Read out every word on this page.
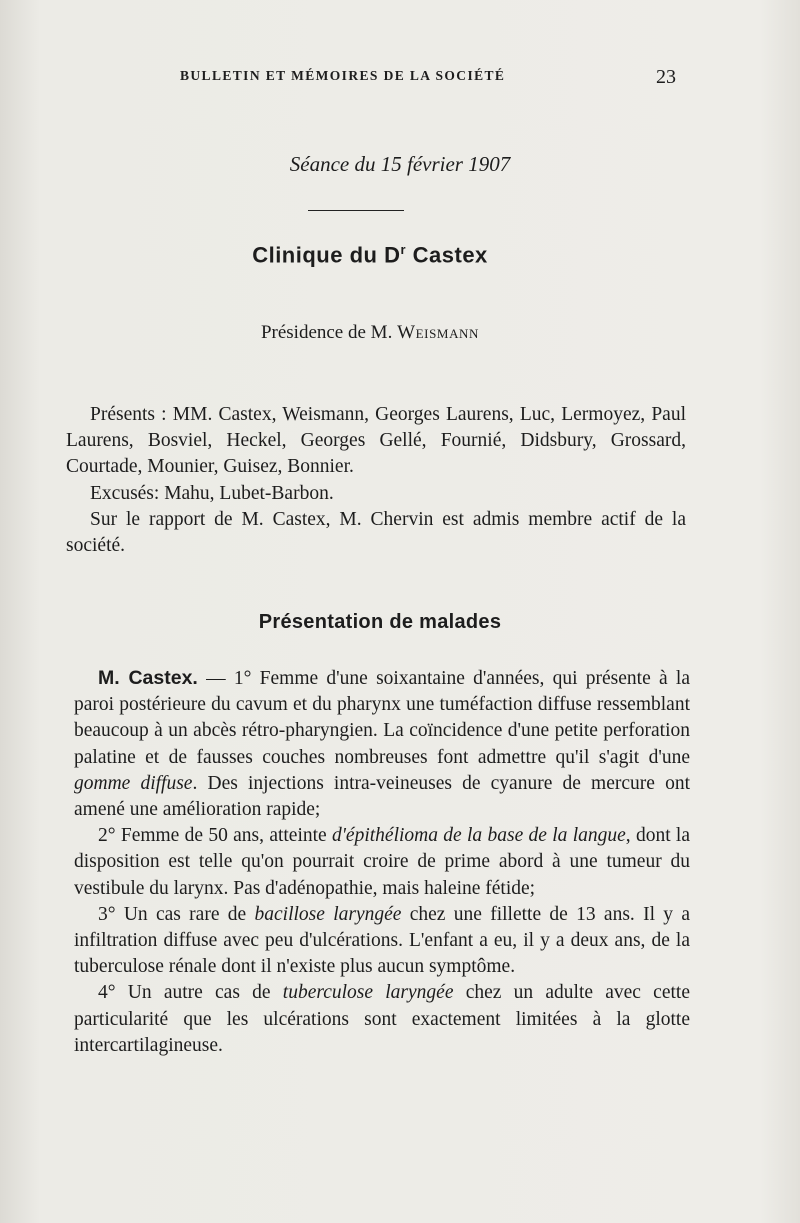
BULLETIN ET MÉMOIRES DE LA SOCIÉTÉ	23
Séance du 15 février 1907
Clinique du $D^r$ Castex
Présidence de M. Weismann

Présents : MM. Castex, Weismann, Georges Laurens, Luc, Lermoyez, Paul Laurens, Bosviel, Heckel, Georges Gellé, Fournié, Didsbury, Grossard, Courtade, Mounier, Guisez, Bonnier.

Excusés: Mahu, Lubet-Barbon.

Sur le rapport de M. Castex, M. Chervin est admis membre actif de la société.

Présentation de malades

M. Castex. — 1° Femme d'une soixantaine d'années, qui présente à la paroi postérieure du cavum et du pharynx une tuméfaction diffuse ressemblant beaucoup à un abcès rétro-pharyngien. La coïncidence d'une petite perforation palatine et de fausses couches nombreuses font admettre qu'il s'agit d'une gomme diffuse. Des injections intra-veineuses de cyanure de mercure ont amené une amélioration rapide;

2° Femme de 50 ans, atteinte d'épithélioma de la base de la langue, dont la disposition est telle qu'on pourrait croire de prime abord à une tumeur du vestibule du larynx. Pas d'adénopathie, mais haleine fétide;

3° Un cas rare de bacillose laryngée chez une fillette de 13 ans. Il y a infiltration diffuse avec peu d'ulcérations. L'enfant a eu, il y a deux ans, de la tuberculose rénale dont il n'existe plus aucun symptôme.

4° Un autre cas de tuberculose laryngée chez un adulte avec cette particularité que les ulcérations sont exactement limitées à la glotte intercartilagineuse.
